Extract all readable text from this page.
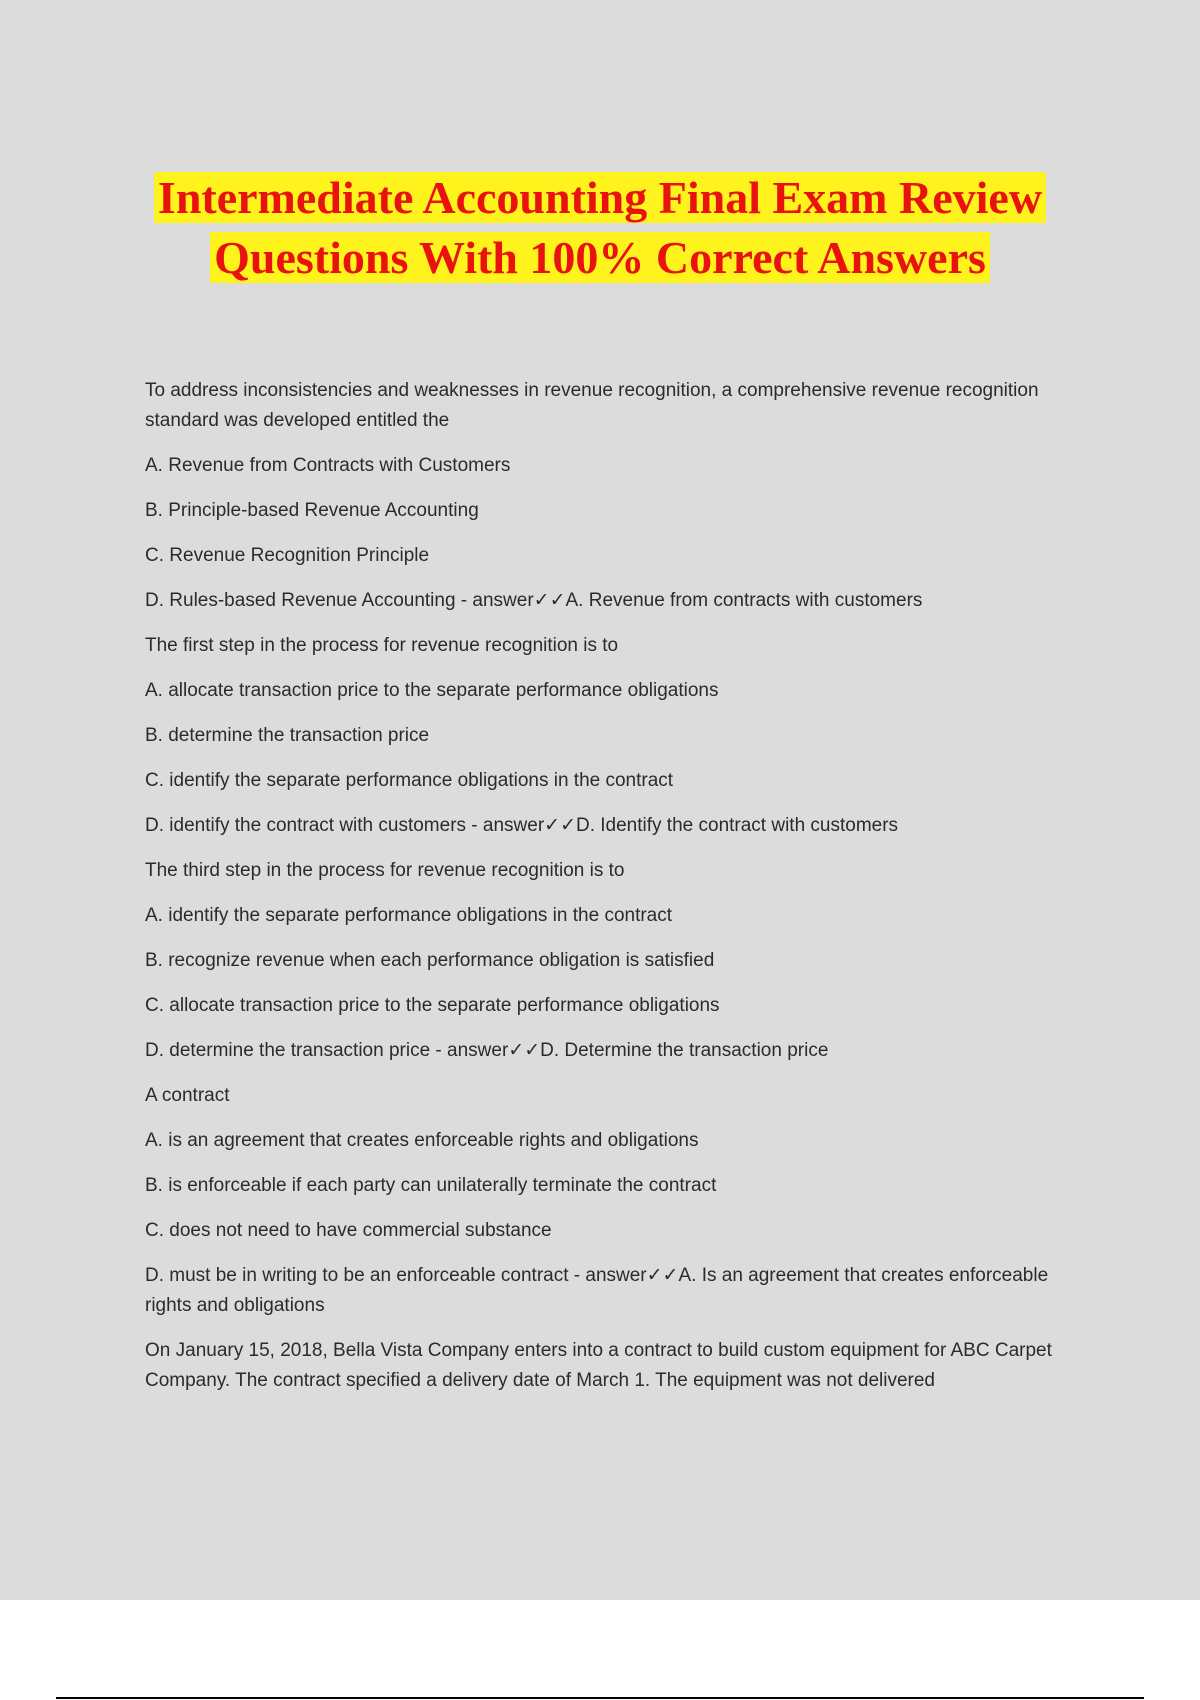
Intermediate Accounting Final Exam Review
Questions With 100% Correct Answers

To address inconsistencies and weaknesses in revenue recognition, a comprehensive revenue recognition standard was developed entitled the

A. Revenue from Contracts with Customers

B. Principle-based Revenue Accounting

C. Revenue Recognition Principle

D. Rules-based Revenue Accounting - answer✓✓A. Revenue from contracts with customers

The first step in the process for revenue recognition is to

A. allocate transaction price to the separate performance obligations

B. determine the transaction price

C. identify the separate performance obligations in the contract

D. identify the contract with customers - answer✓✓D. Identify the contract with customers

The third step in the process for revenue recognition is to

A. identify the separate performance obligations in the contract

B. recognize revenue when each performance obligation is satisfied

C. allocate transaction price to the separate performance obligations

D. determine the transaction price - answer✓✓D. Determine the transaction price

A contract

A. is an agreement that creates enforceable rights and obligations

B. is enforceable if each party can unilaterally terminate the contract

C. does not need to have commercial substance

D. must be in writing to be an enforceable contract - answer✓✓A. Is an agreement that creates enforceable rights and obligations

On January 15, 2018, Bella Vista Company enters into a contract to build custom equipment for ABC Carpet Company. The contract specified a delivery date of March 1. The equipment was not delivered
